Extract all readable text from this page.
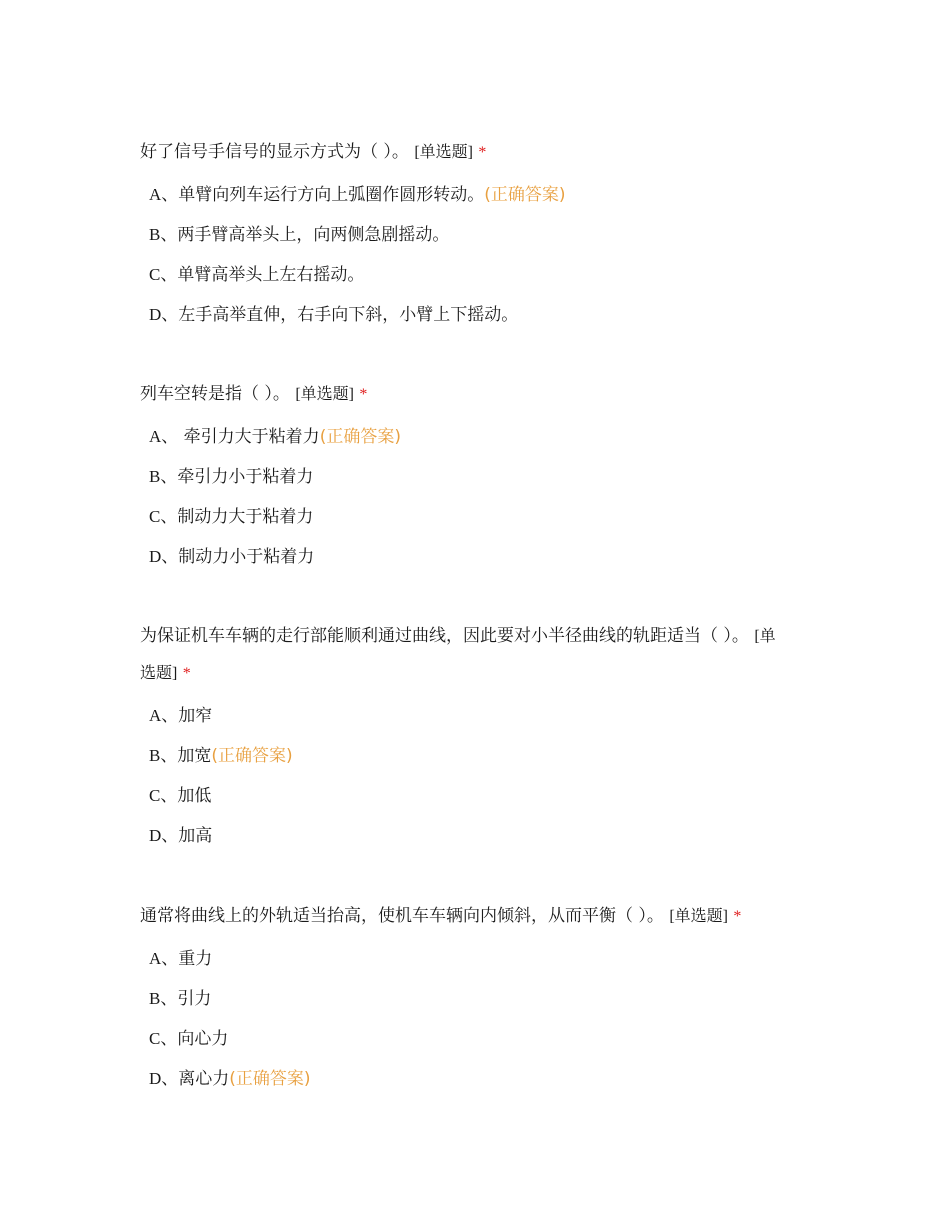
好了信号手信号的显示方式为（ ）。 [单选题] *

A、单臂向列车运行方向上弧圈作圆形转动。(正确答案)
B、两手臂高举头上，向两侧急剧摇动。
C、单臂高举头上左右摇动。
D、左手高举直伸，右手向下斜，小臂上下摇动。

列车空转是指（ ）。 [单选题] *

A、 牵引力大于粘着力(正确答案)
B、牵引力小于粘着力
C、制动力大于粘着力
D、制动力小于粘着力

为保证机车车辆的走行部能顺利通过曲线，因此要对小半径曲线的轨距适当（ ）。 [单选题] *

A、加窄
B、加宽(正确答案)
C、加低
D、加高

通常将曲线上的外轨适当抬高，使机车车辆向内倾斜，从而平衡（ ）。 [单选题] *

A、重力
B、引力
C、向心力
D、离心力(正确答案)
